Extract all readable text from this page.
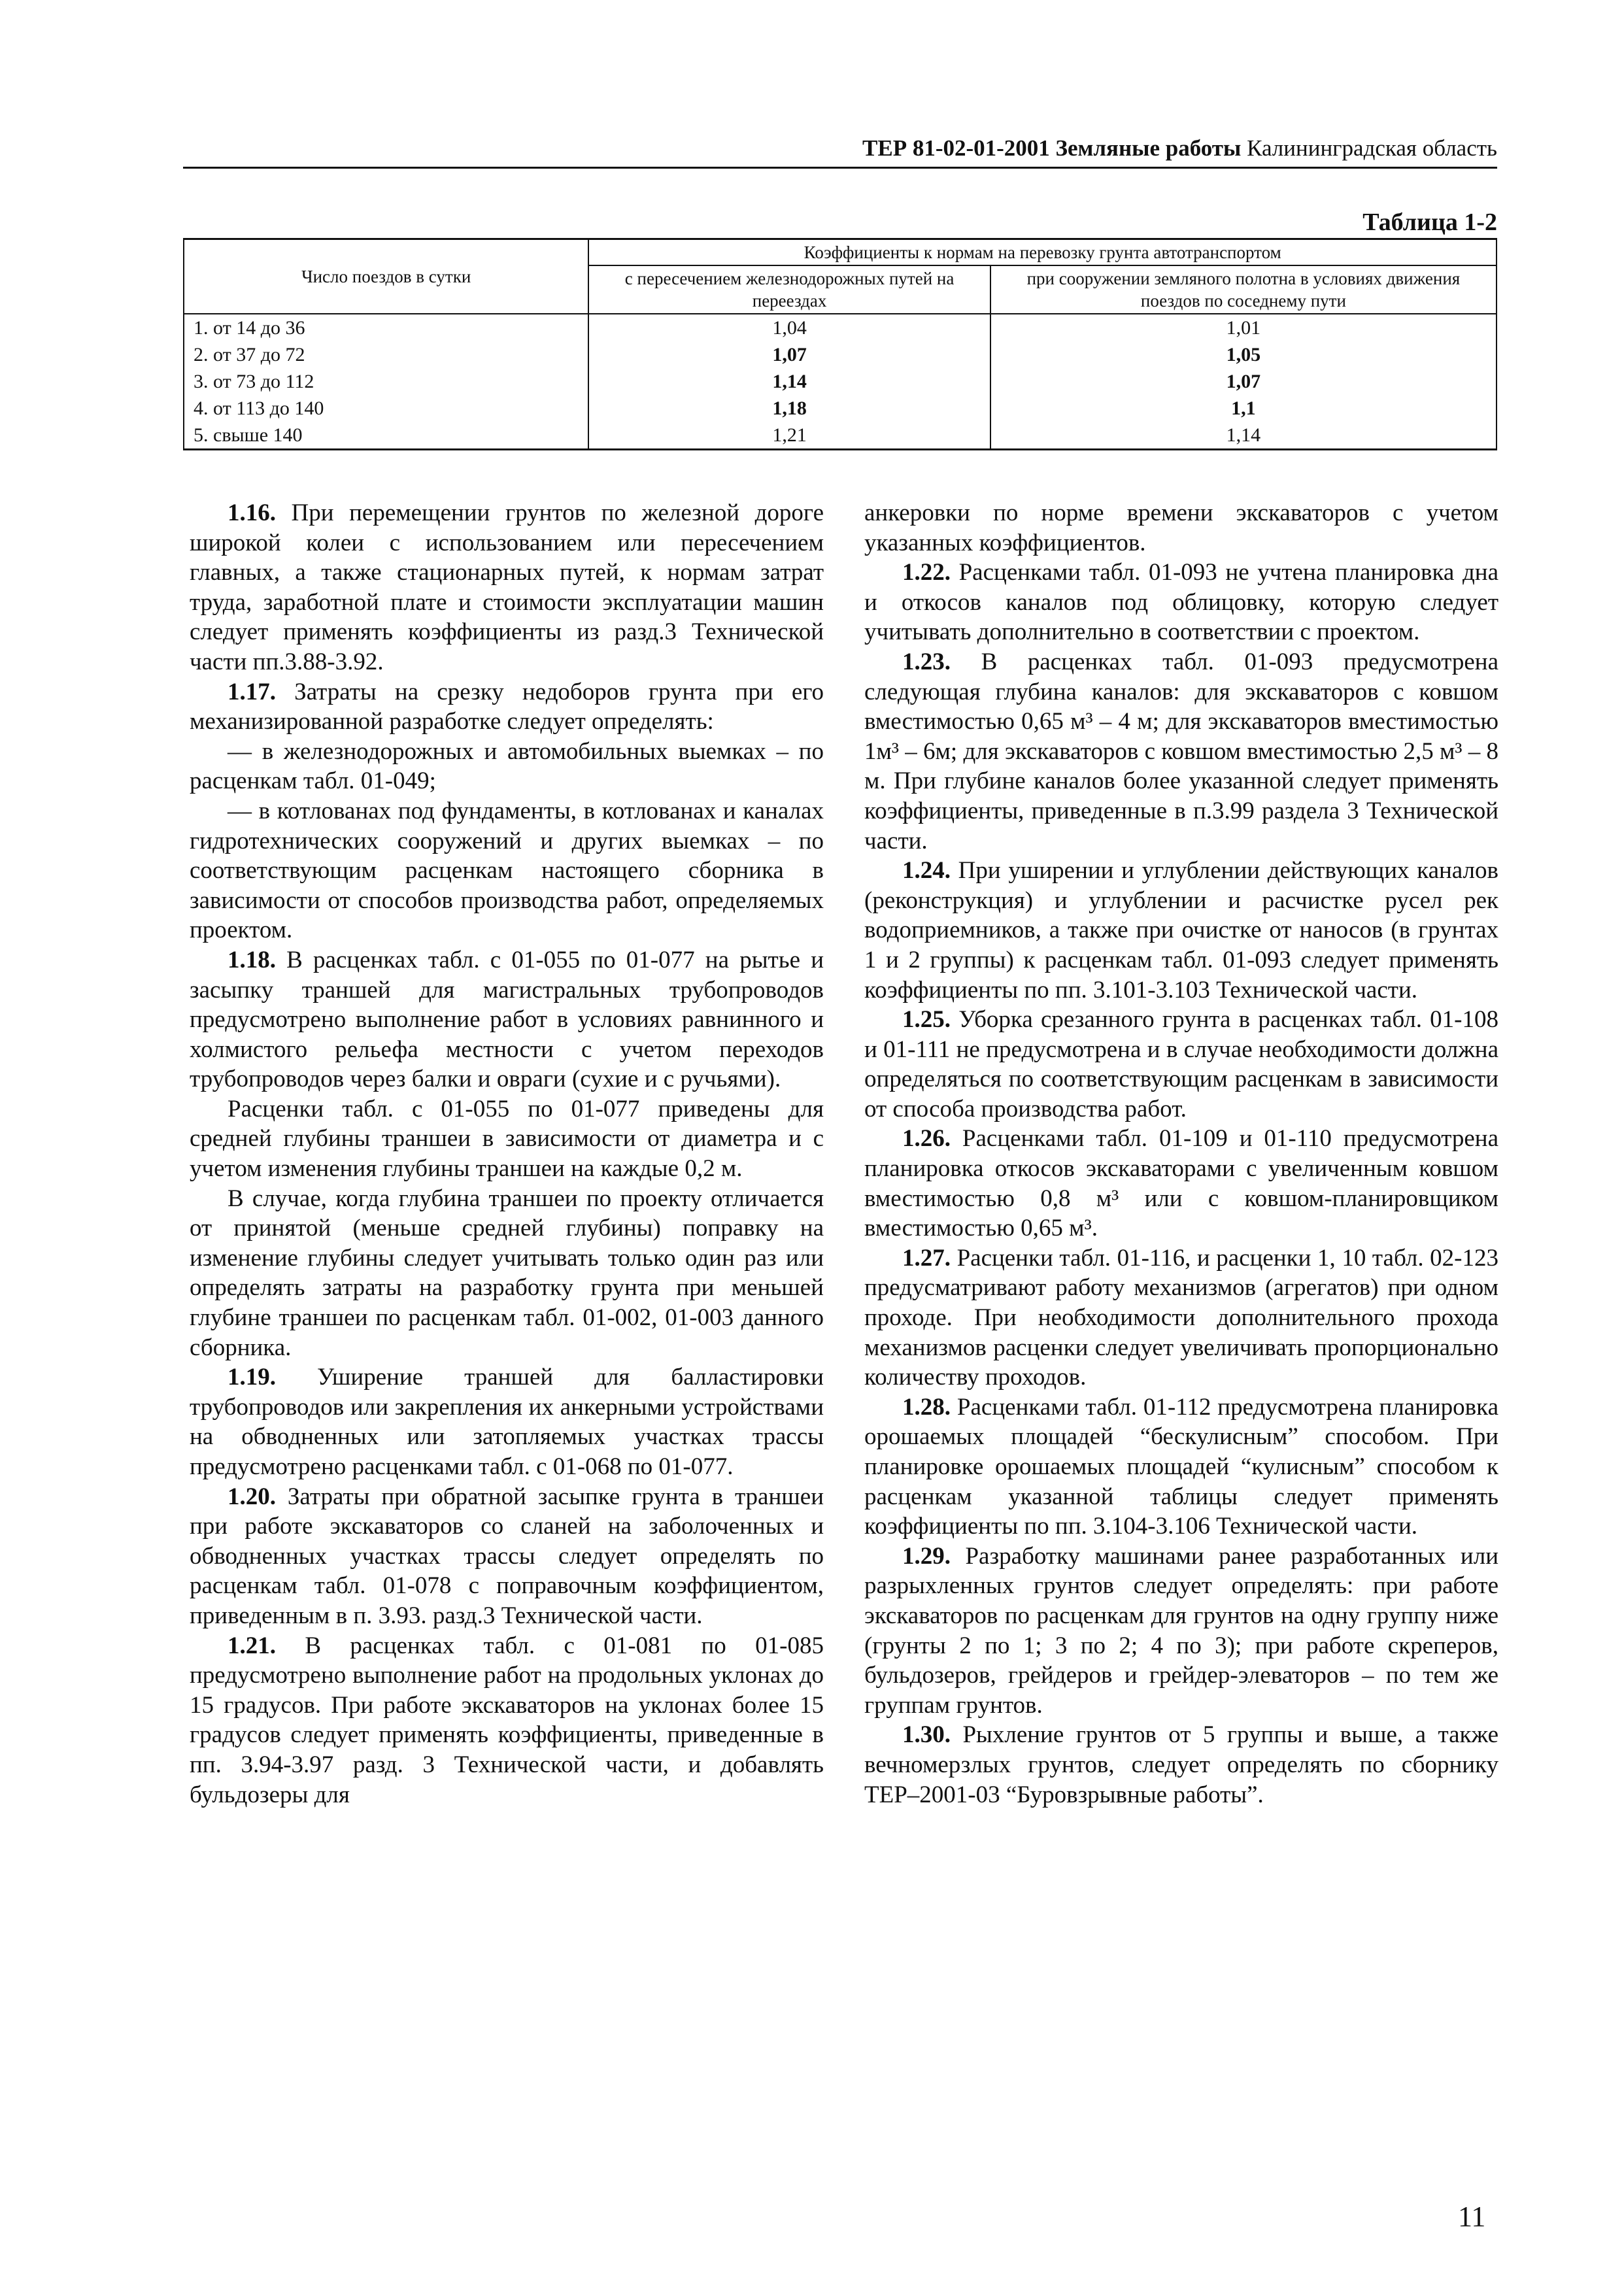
ТЕР 81-02-01-2001 Земляные работы Калининградская область
Таблица 1-2
Число поездов в сутки	Коэффициенты к нормам на перевозку грунта автотранспортом	
	с пересечением железнодорожных путей на переездах	при сооружении земляного полотна в условиях движения поездов по соседнему пути
1. от 14 до 36	1,04	1,01
2. от 37 до 72	1,07	1,05
3. от 73 до 112	1,14	1,07
4. от 113 до 140	1,18	1,1
5. свыше 140	1,21	1,14

1.16. При перемещении грунтов по железной дороге широкой колеи с использованием или пересечением главных, а также стационарных путей, к нормам затрат труда, заработной плате и стоимости эксплуатации машин следует применять коэффициенты из разд.3 Технической части пп.3.88-3.92.

1.17. Затраты на срезку недоборов грунта при его механизированной разработке следует определять:

— в железнодорожных и автомобильных выемках – по расценкам табл. 01-049;

— в котлованах под фундаменты, в котлованах и каналах гидротехнических сооружений и других выемках – по соответствующим расценкам настоящего сборника в зависимости от способов производства работ, определяемых проектом.

1.18. В расценках табл. с 01-055 по 01-077 на рытье и засыпку траншей для магистральных трубопроводов предусмотрено выполнение работ в условиях равнинного и холмистого рельефа местности с учетом переходов трубопроводов через балки и овраги (сухие и с ручьями).

Расценки табл. с 01-055 по 01-077 приведены для средней глубины траншеи в зависимости от диаметра и с учетом изменения глубины траншеи на каждые 0,2 м.

В случае, когда глубина траншеи по проекту отличается от принятой (меньше средней глубины) поправку на изменение глубины следует учитывать только один раз или определять затраты на разработку грунта при меньшей глубине траншеи по расценкам табл. 01-002, 01-003 данного сборника.

1.19. Уширение траншей для балластировки трубопроводов или закрепления их анкерными устройствами на обводненных или затопляемых участках трассы предусмотрено расценками табл. с 01-068 по 01-077.

1.20. Затраты при обратной засыпке грунта в траншеи при работе экскаваторов со сланей на заболоченных и обводненных участках трассы следует определять по расценкам табл. 01-078 с поправочным коэффициентом, приведенным в п. 3.93. разд.3 Технической части.

1.21. В расценках табл. с 01-081 по 01-085 предусмотрено выполнение работ на продольных уклонах до 15 градусов. При работе экскаваторов на уклонах более 15 градусов следует применять коэффициенты, приведенные в пп. 3.94-3.97 разд. 3 Технической части, и добавлять бульдозеры для

анкеровки по норме времени экскаваторов с учетом указанных коэффициентов.

1.22. Расценками табл. 01-093 не учтена планировка дна и откосов каналов под облицовку, которую следует учитывать дополнительно в соответствии с проектом.

1.23. В расценках табл. 01-093 предусмотрена следующая глубина каналов: для экскаваторов с ковшом вместимостью 0,65 м³ – 4 м; для экскаваторов вместимостью 1м³ – 6м; для экскаваторов с ковшом вместимостью 2,5 м³ – 8 м. При глубине каналов более указанной следует применять коэффициенты, приведенные в п.3.99 раздела 3 Технической части.

1.24. При уширении и углублении действующих каналов (реконструкция) и углублении и расчистке русел рек водоприемников, а также при очистке от наносов (в грунтах 1 и 2 группы) к расценкам табл. 01-093 следует применять коэффициенты по пп. 3.101-3.103 Технической части.

1.25. Уборка срезанного грунта в расценках табл. 01-108 и 01-111 не предусмотрена и в случае необходимости должна определяться по соответствующим расценкам в зависимости от способа производства работ.

1.26. Расценками табл. 01-109 и 01-110 предусмотрена планировка откосов экскаваторами с увеличенным ковшом вместимостью 0,8 м³ или с ковшом-планировщиком вместимостью 0,65 м³.

1.27. Расценки табл. 01-116, и расценки 1, 10 табл. 02-123 предусматривают работу механизмов (агрегатов) при одном проходе. При необходимости дополнительного прохода механизмов расценки следует увеличивать пропорционально количеству проходов.

1.28. Расценками табл. 01-112 предусмотрена планировка орошаемых площадей “бескулисным” способом. При планировке орошаемых площадей “кулисным” способом к расценкам указанной таблицы следует применять коэффициенты по пп. 3.104-3.106 Технической части.

1.29. Разработку машинами ранее разработанных или разрыхленных грунтов следует определять: при работе экскаваторов по расценкам для грунтов на одну группу ниже (грунты 2 по 1; 3 по 2; 4 по 3); при работе скреперов, бульдозеров, грейдеров и грейдер-элеваторов – по тем же группам грунтов.

1.30. Рыхление грунтов от 5 группы и выше, а также вечномерзлых грунтов, следует определять по сборнику ТЕР–2001-03 “Буровзрывные работы”.

11
